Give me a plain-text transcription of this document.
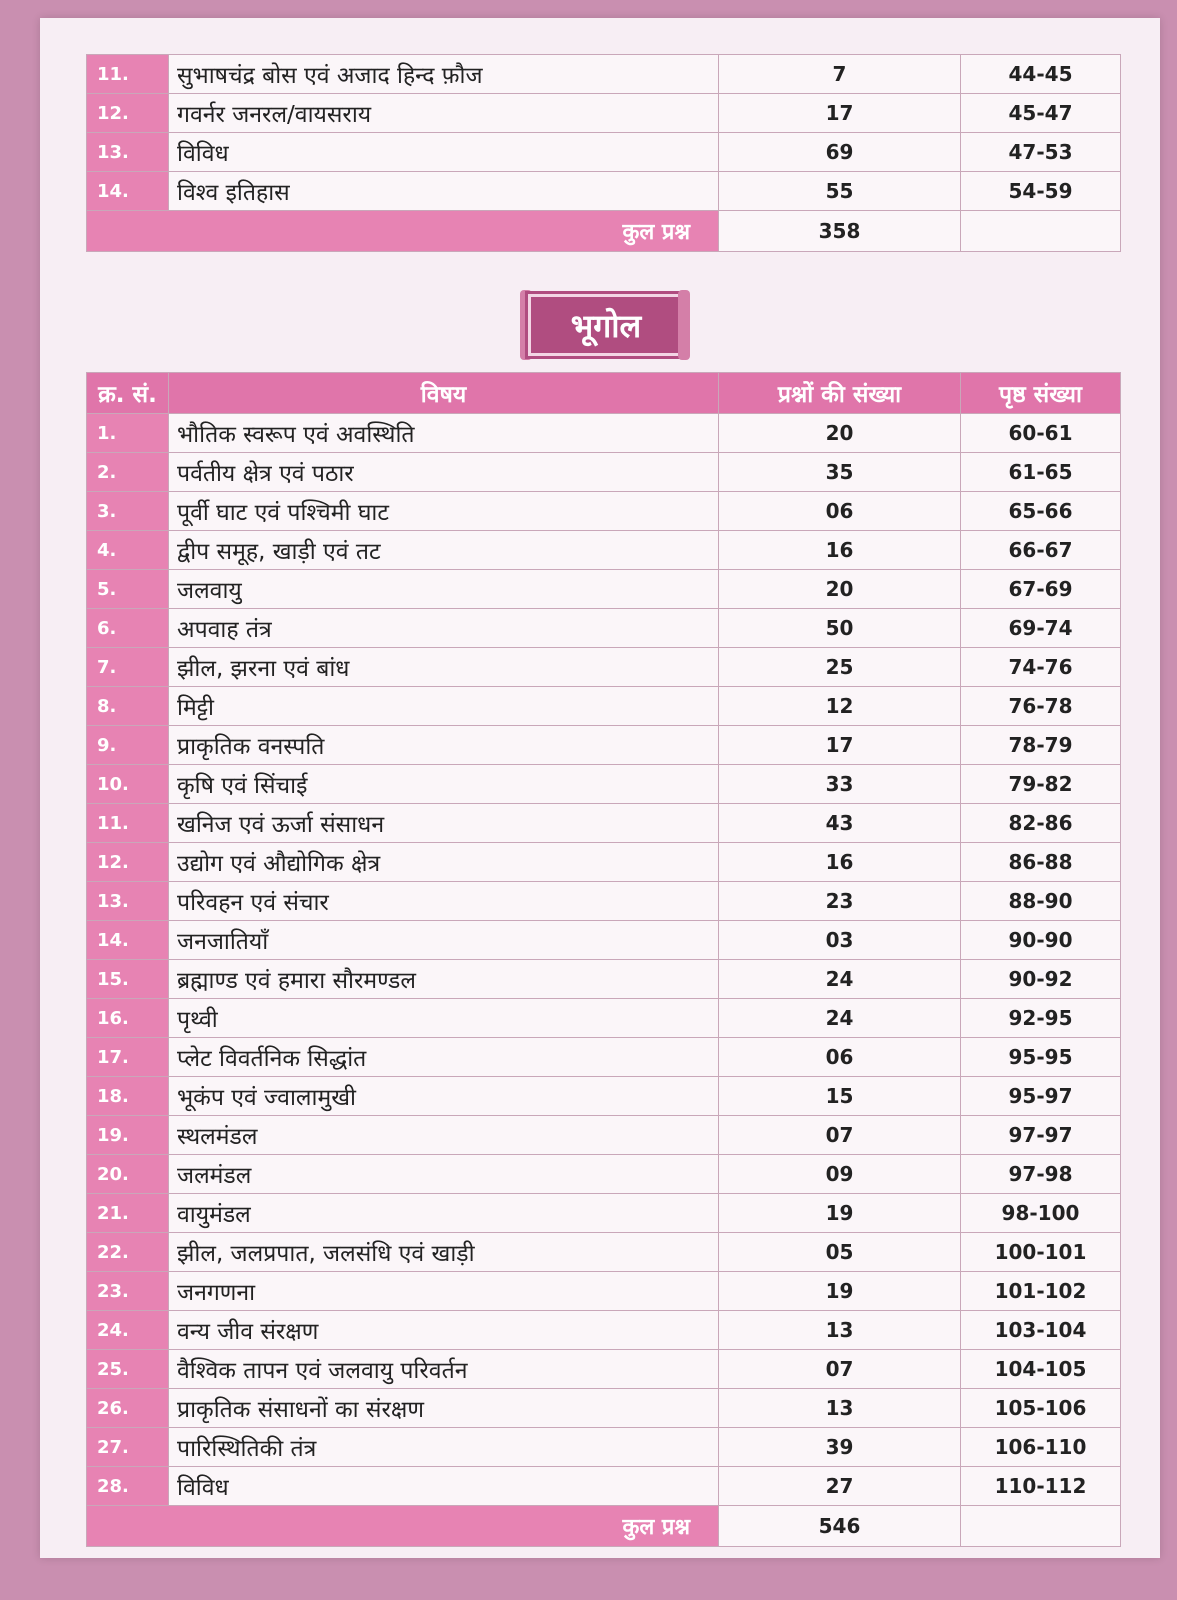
11.	सुभाषचंद्र बोस एवं अजाद हिन्द फ़ौज	7	44-45
12.	गवर्नर जनरल/वायसराय	17	45-47
13.	विविध	69	47-53
14.	विश्व इतिहास	55	54-59

कुल प्रश्न		358	
भूगोल
क्र. सं.	विषय	प्रश्नों की संख्या	पृष्ठ संख्या
1.	भौतिक स्वरूप एवं अवस्थिति	20	60-61
2.	पर्वतीय क्षेत्र एवं पठार	35	61-65
3.	पूर्वी घाट एवं पश्चिमी घाट	06	65-66
4.	द्वीप समूह, खाड़ी एवं तट	16	66-67
5.	जलवायु	20	67-69
6.	अपवाह तंत्र	50	69-74
7.	झील, झरना एवं बांध	25	74-76
8.	मिट्टी	12	76-78
9.	प्राकृतिक वनस्पति	17	78-79
10.	कृषि एवं सिंचाई	33	79-82
11.	खनिज एवं ऊर्जा संसाधन	43	82-86
12.	उद्योग एवं औद्योगिक क्षेत्र	16	86-88
13.	परिवहन एवं संचार	23	88-90
14.	जनजातियाँ	03	90-90
15.	ब्रह्माण्ड एवं हमारा सौरमण्डल	24	90-92
16.	पृथ्वी	24	92-95
17.	प्लेट विवर्तनिक सिद्धांत	06	95-95
18.	भूकंप एवं ज्वालामुखी	15	95-97
19.	स्थलमंडल	07	97-97
20.	जलमंडल	09	97-98
21.	वायुमंडल	19	98-100
22.	झील, जलप्रपात, जलसंधि एवं खाड़ी	05	100-101
23.	जनगणना	19	101-102
24.	वन्य जीव संरक्षण	13	103-104
25.	वैश्विक तापन एवं जलवायु परिवर्तन	07	104-105
26.	प्राकृतिक संसाधनों का संरक्षण	13	105-106
27.	पारिस्थितिकी तंत्र	39	106-110
28.	विविध	27	110-112

कुल प्रश्न		546	
